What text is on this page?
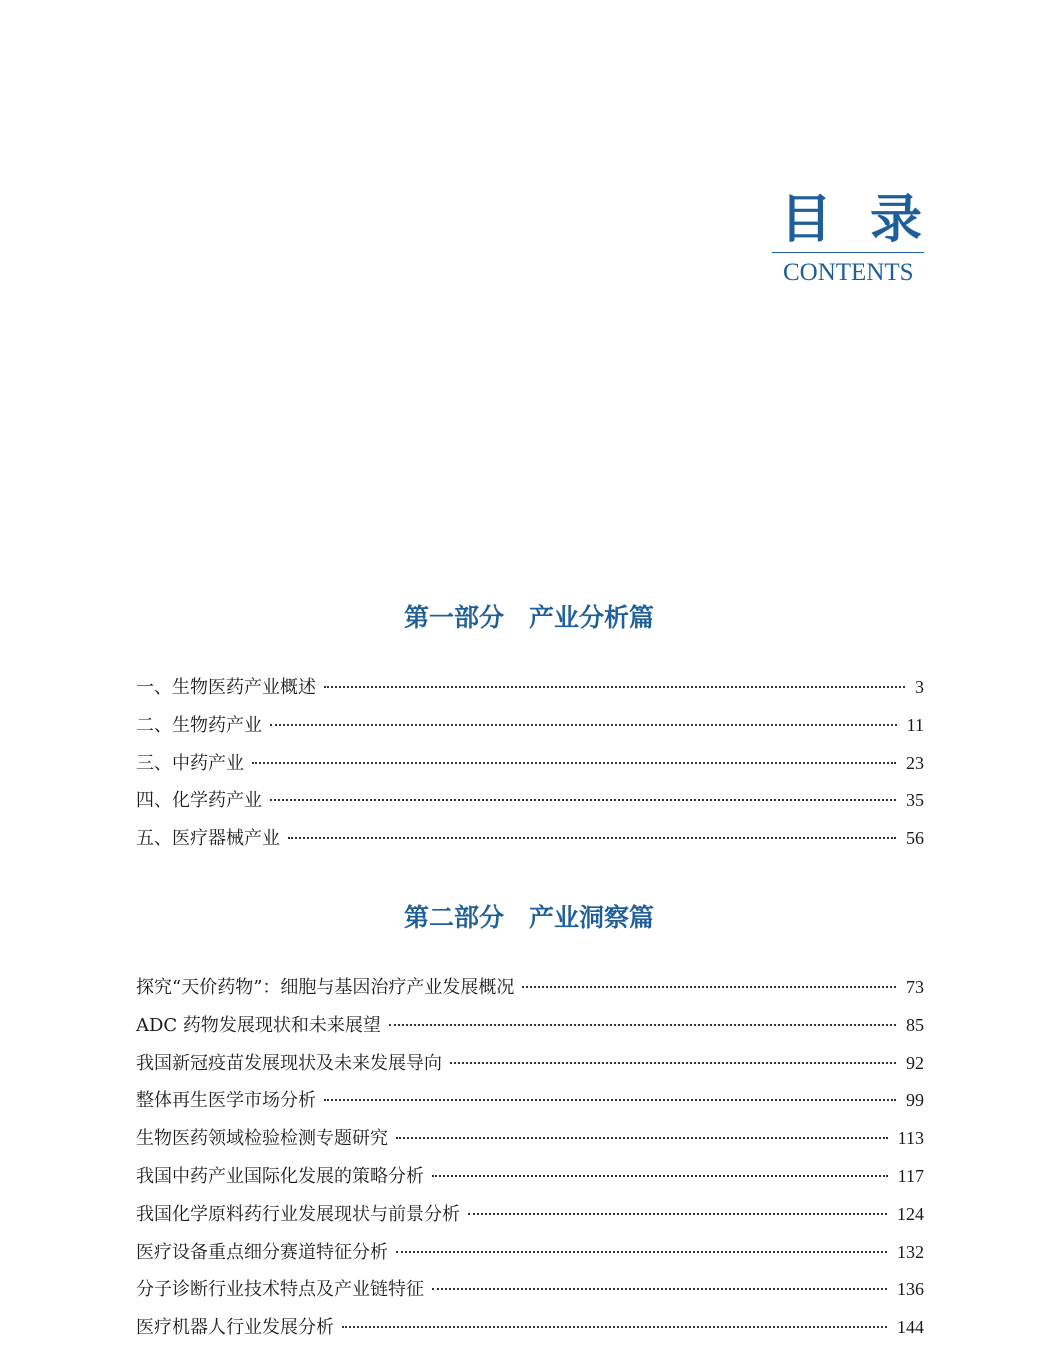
目录
CONTENTS
第一部分　产业分析篇
一、生物医药产业概述	3
二、生物药产业	11
三、中药产业	23
四、化学药产业	35
五、医疗器械产业	56
第二部分　产业洞察篇
探究“天价药物”：细胞与基因治疗产业发展概况	73
ADC 药物发展现状和未来展望	85
我国新冠疫苗发展现状及未来发展导向	92
整体再生医学市场分析	99
生物医药领域检验检测专题研究	113
我国中药产业国际化发展的策略分析	117
我国化学原料药行业发展现状与前景分析	124
医疗设备重点细分赛道特征分析	132
分子诊断行业技术特点及产业链特征	136
医疗机器人行业发展分析	144
